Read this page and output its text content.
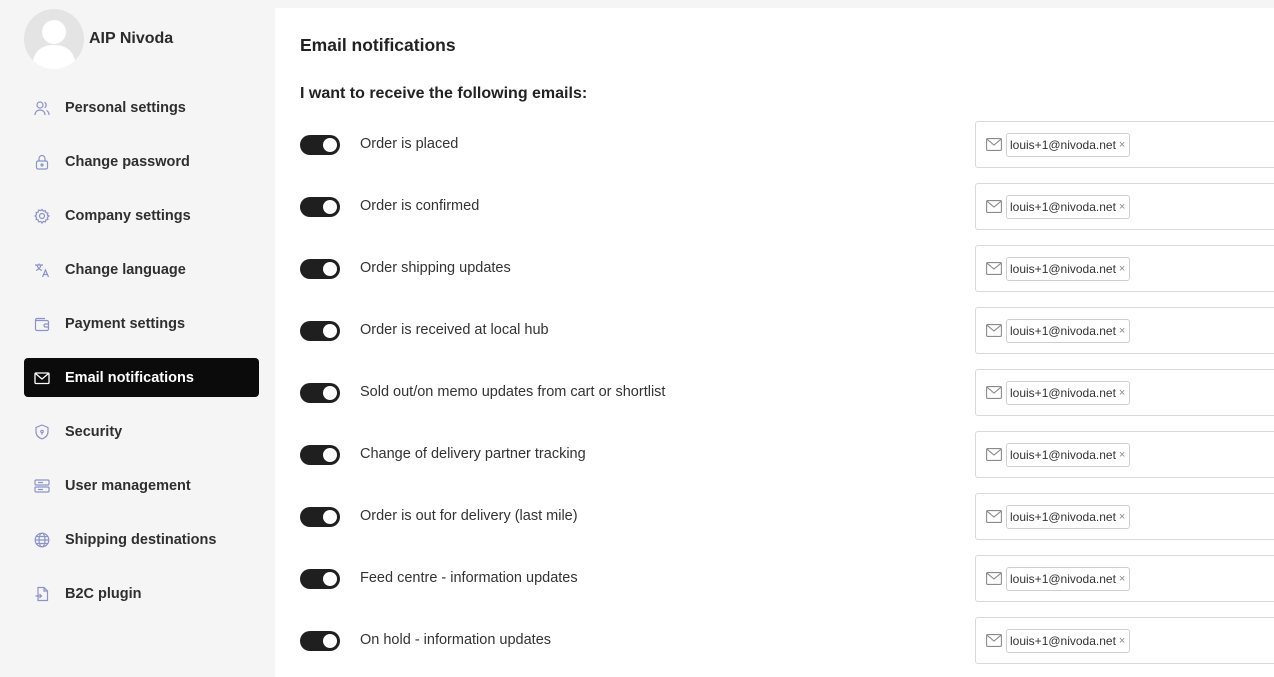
AIP Nivoda
Personal settings
Change password
Company settings
Change language
Payment settings
Email notifications
Security
User management
Shipping destinations
B2C plugin
Email notifications
I want to receive the following emails:
Order is placed	louis+1@nivoda.net ×
Order is confirmed	louis+1@nivoda.net ×
Order shipping updates	louis+1@nivoda.net ×
Order is received at local hub	louis+1@nivoda.net ×
Sold out/on memo updates from cart or shortlist	louis+1@nivoda.net ×
Change of delivery partner tracking	louis+1@nivoda.net ×
Order is out for delivery (last mile)	louis+1@nivoda.net ×
Feed centre - information updates	louis+1@nivoda.net ×
On hold - information updates	louis+1@nivoda.net ×
